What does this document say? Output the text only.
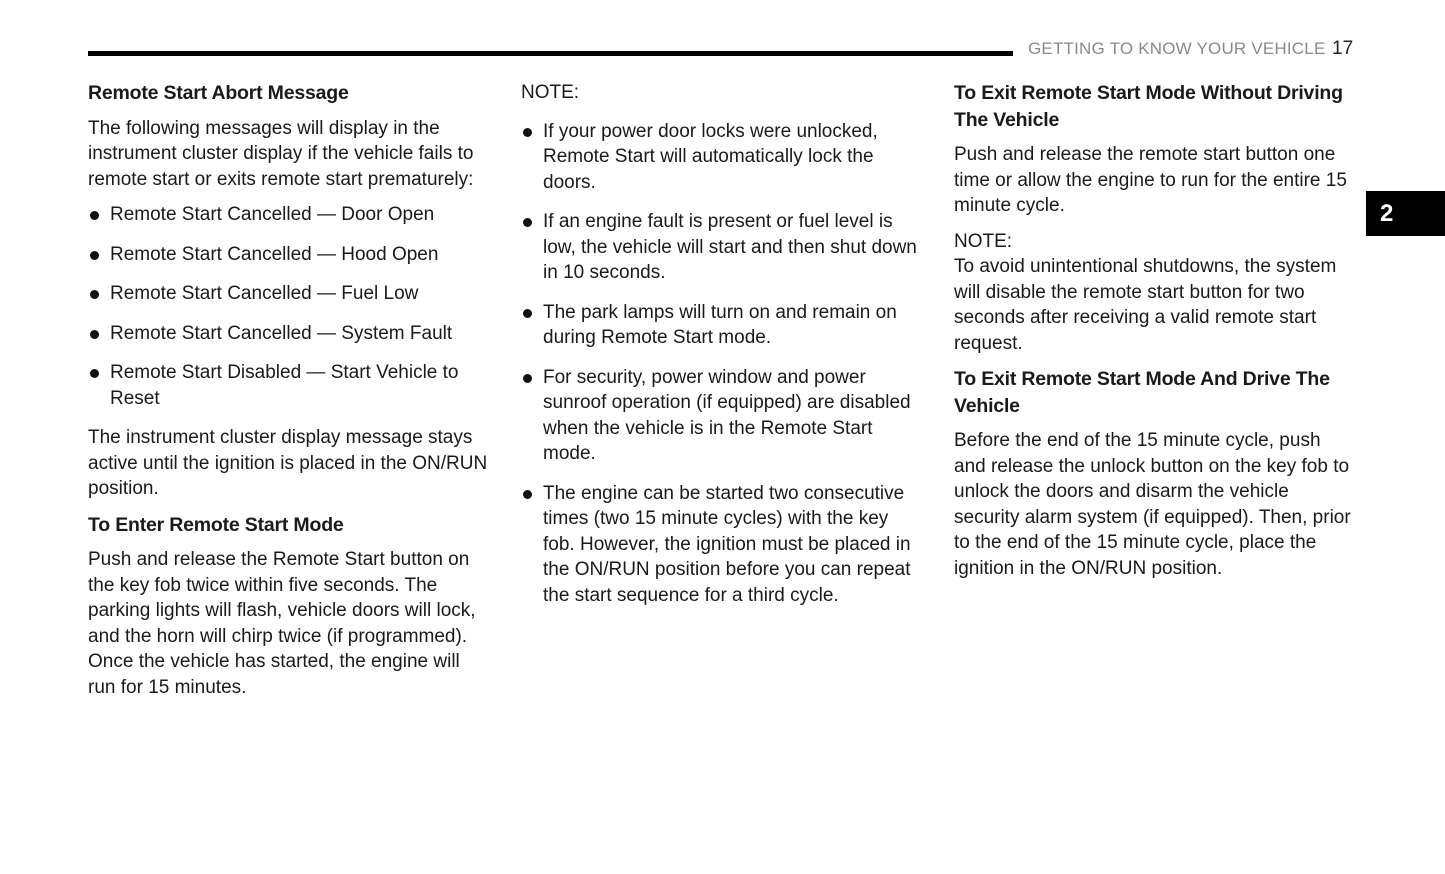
GETTING TO KNOW YOUR VEHICLE 17
2
Remote Start Abort Message

The following messages will display in the instrument cluster display if the vehicle fails to remote start or exits remote start prematurely:

Remote Start Cancelled — Door Open
Remote Start Cancelled — Hood Open
Remote Start Cancelled — Fuel Low
Remote Start Cancelled — System Fault
Remote Start Disabled — Start Vehicle to Reset

The instrument cluster display message stays active until the ignition is placed in the ON/RUN position.

To Enter Remote Start Mode

Push and release the Remote Start button on the key fob twice within five seconds. The parking lights will flash, vehicle doors will lock, and the horn will chirp twice (if programmed). Once the vehicle has started, the engine will run for 15 minutes.

NOTE:

If your power door locks were unlocked, Remote Start will automatically lock the doors.
If an engine fault is present or fuel level is low, the vehicle will start and then shut down in 10 seconds.
The park lamps will turn on and remain on during Remote Start mode.
For security, power window and power sunroof operation (if equipped) are disabled when the vehicle is in the Remote Start mode.
The engine can be started two consecutive times (two 15 minute cycles) with the key fob. However, the ignition must be placed in the ON/RUN position before you can repeat the start sequence for a third cycle.
To Exit Remote Start Mode Without Driving The Vehicle

Push and release the remote start button one time or allow the engine to run for the entire 15 minute cycle.

NOTE:

To avoid unintentional shutdowns, the system will disable the remote start button for two seconds after receiving a valid remote start request.

To Exit Remote Start Mode And Drive The Vehicle

Before the end of the 15 minute cycle, push and release the unlock button on the key fob to unlock the doors and disarm the vehicle security alarm system (if equipped). Then, prior to the end of the 15 minute cycle, place the ignition in the ON/RUN position.
